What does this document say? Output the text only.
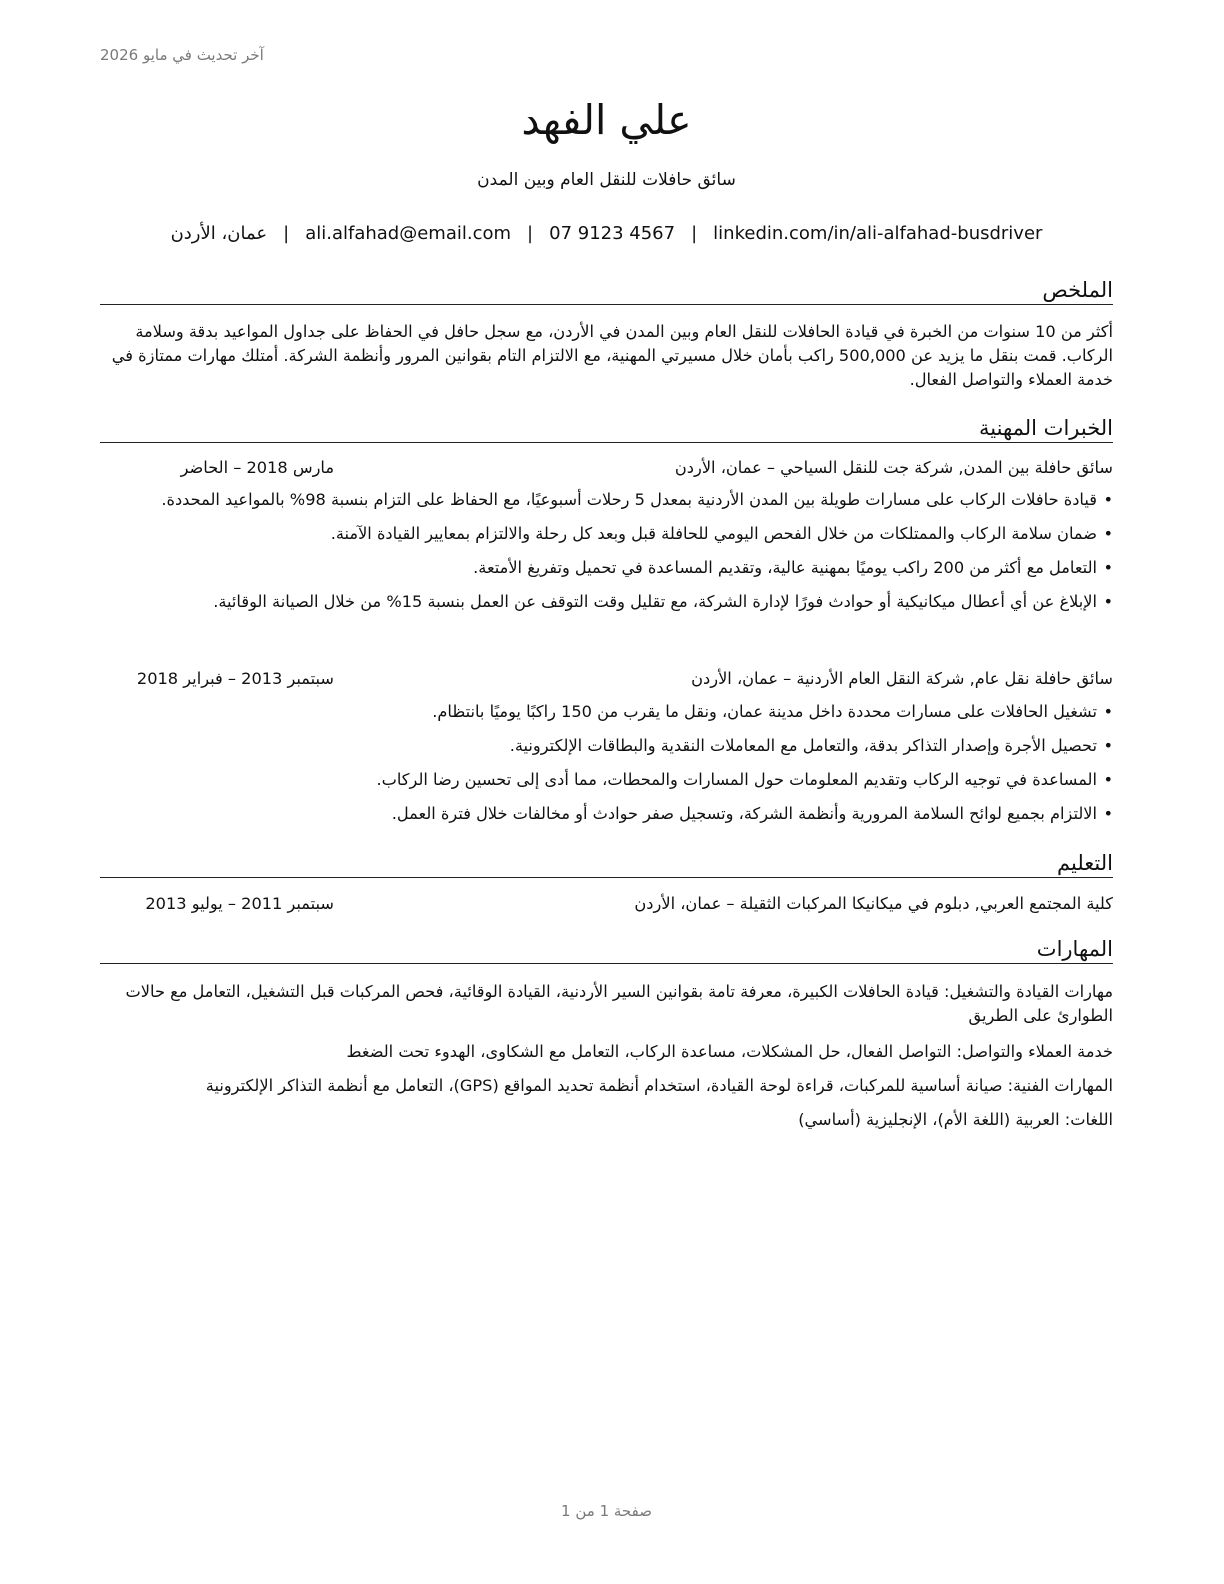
آخر تحديث في مايو 2026
علي الفهد
سائق حافلات للنقل العام وبين المدن
عمان، الأردن | ali.alfahad@email.com | 07 9123 4567 | linkedin.com/in/ali-alfahad-busdriver
الملخص
أكثر من 10 سنوات من الخبرة في قيادة الحافلات للنقل العام وبين المدن في الأردن، مع سجل حافل في الحفاظ على جداول المواعيد بدقة وسلامة الركاب. قمت بنقل ما يزيد عن 500,000 راكب بأمان خلال مسيرتي المهنية، مع الالتزام التام بقوانين المرور وأنظمة الشركة. أمتلك مهارات ممتازة في خدمة العملاء والتواصل الفعال.
الخبرات المهنية
سائق حافلة بين المدن, شركة جت للنقل السياحي – عمان، الأردن
مارس 2018 – الحاضر
• قيادة حافلات الركاب على مسارات طويلة بين المدن الأردنية بمعدل 5 رحلات أسبوعيًا، مع الحفاظ على التزام بنسبة 98% بالمواعيد المحددة.
• ضمان سلامة الركاب والممتلكات من خلال الفحص اليومي للحافلة قبل وبعد كل رحلة والالتزام بمعايير القيادة الآمنة.
• التعامل مع أكثر من 200 راكب يوميًا بمهنية عالية، وتقديم المساعدة في تحميل وتفريغ الأمتعة.
• الإبلاغ عن أي أعطال ميكانيكية أو حوادث فورًا لإدارة الشركة، مع تقليل وقت التوقف عن العمل بنسبة 15% من خلال الصيانة الوقائية.
سائق حافلة نقل عام, شركة النقل العام الأردنية – عمان، الأردن
سبتمبر 2013 – فبراير 2018
• تشغيل الحافلات على مسارات محددة داخل مدينة عمان، ونقل ما يقرب من 150 راكبًا يوميًا بانتظام.
• تحصيل الأجرة وإصدار التذاكر بدقة، والتعامل مع المعاملات النقدية والبطاقات الإلكترونية.
• المساعدة في توجيه الركاب وتقديم المعلومات حول المسارات والمحطات، مما أدى إلى تحسين رضا الركاب.
• الالتزام بجميع لوائح السلامة المرورية وأنظمة الشركة، وتسجيل صفر حوادث أو مخالفات خلال فترة العمل.
التعليم
كلية المجتمع العربي, دبلوم في ميكانيكا المركبات الثقيلة – عمان، الأردن
سبتمبر 2011 – يوليو 2013
المهارات
مهارات القيادة والتشغيل: قيادة الحافلات الكبيرة، معرفة تامة بقوانين السير الأردنية، القيادة الوقائية، فحص المركبات قبل التشغيل، التعامل مع حالات الطوارئ على الطريق
خدمة العملاء والتواصل: التواصل الفعال، حل المشكلات، مساعدة الركاب، التعامل مع الشكاوى، الهدوء تحت الضغط
المهارات الفنية: صيانة أساسية للمركبات، قراءة لوحة القيادة، استخدام أنظمة تحديد المواقع (GPS)، التعامل مع أنظمة التذاكر الإلكترونية
اللغات: العربية (اللغة الأم)، الإنجليزية (أساسي)
صفحة 1 من 1
